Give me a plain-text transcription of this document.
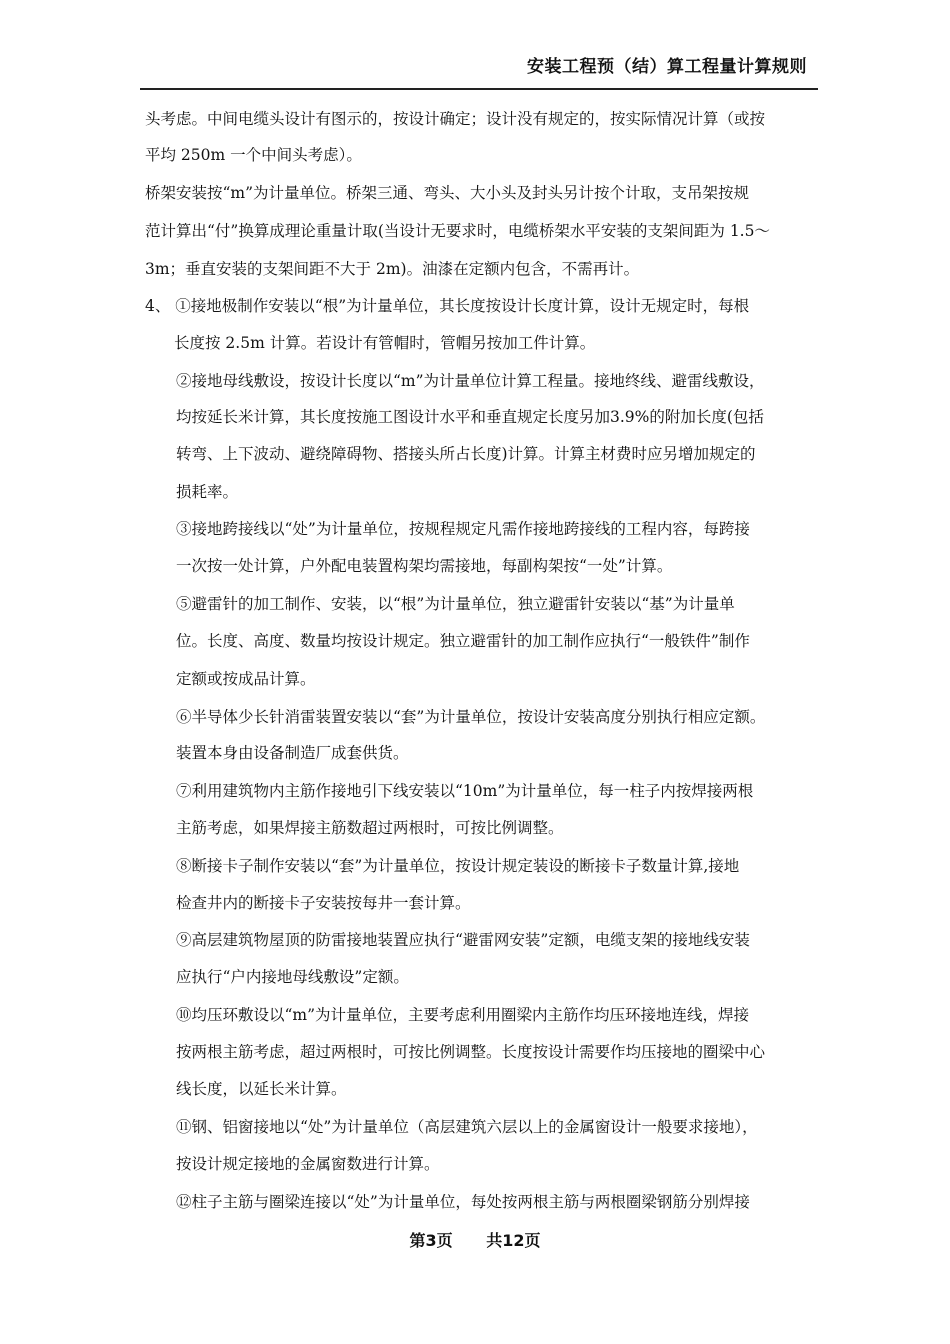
安装工程预（结）算工程量计算规则
头考虑。中间电缆头设计有图示的，按设计确定；设计没有规定的，按实际情况计算（或按
平均 250m 一个中间头考虑）。
桥架安装按“m”为计量单位。桥架三通、弯头、大小头及封头另计按个计取，支吊架按规
范计算出“付”换算成理论重量计取(当设计无要求时，电缆桥架水平安装的支架间距为 1.5～
3m；垂直安装的支架间距不大于 2m)。油漆在定额内包含，不需再计。
4、 ①接地极制作安装以“根”为计量单位，其长度按设计长度计算，设计无规定时，每根
长度按 2.5m 计算。若设计有管帽时，管帽另按加工件计算。
②接地母线敷设，按设计长度以“m”为计量单位计算工程量。接地终线、避雷线敷设，
均按延长米计算，其长度按施工图设计水平和垂直规定长度另加3.9%的附加长度(包括
转弯、上下波动、避绕障碍物、搭接头所占长度)计算。计算主材费时应另增加规定的
损耗率。
③接地跨接线以“处”为计量单位，按规程规定凡需作接地跨接线的工程内容，每跨接
一次按一处计算，户外配电装置构架均需接地，每副构架按“一处”计算。
⑤避雷针的加工制作、安装，以“根”为计量单位，独立避雷针安装以“基”为计量单
位。长度、高度、数量均按设计规定。独立避雷针的加工制作应执行“一般铁件”制作
定额或按成品计算。
⑥半导体少长针消雷装置安装以“套”为计量单位，按设计安装高度分别执行相应定额。
装置本身由设备制造厂成套供货。
⑦利用建筑物内主筋作接地引下线安装以“10m”为计量单位，每一柱子内按焊接两根
主筋考虑，如果焊接主筋数超过两根时，可按比例调整。
⑧断接卡子制作安装以“套”为计量单位，按设计规定装设的断接卡子数量计算,接地
检查井内的断接卡子安装按每井一套计算。
⑨高层建筑物屋顶的防雷接地装置应执行“避雷网安装”定额，电缆支架的接地线安装
应执行“户内接地母线敷设”定额。
⑩均压环敷设以“m”为计量单位，主要考虑利用圈梁内主筋作均压环接地连线，焊接
按两根主筋考虑，超过两根时，可按比例调整。长度按设计需要作均压接地的圈梁中心
线长度，以延长米计算。
⑪钢、铝窗接地以“处”为计量单位（高层建筑六层以上的金属窗设计一般要求接地），
按设计规定接地的金属窗数进行计算。
⑫柱子主筋与圈梁连接以“处”为计量单位，每处按两根主筋与两根圈梁钢筋分别焊接
第3页 共12页
